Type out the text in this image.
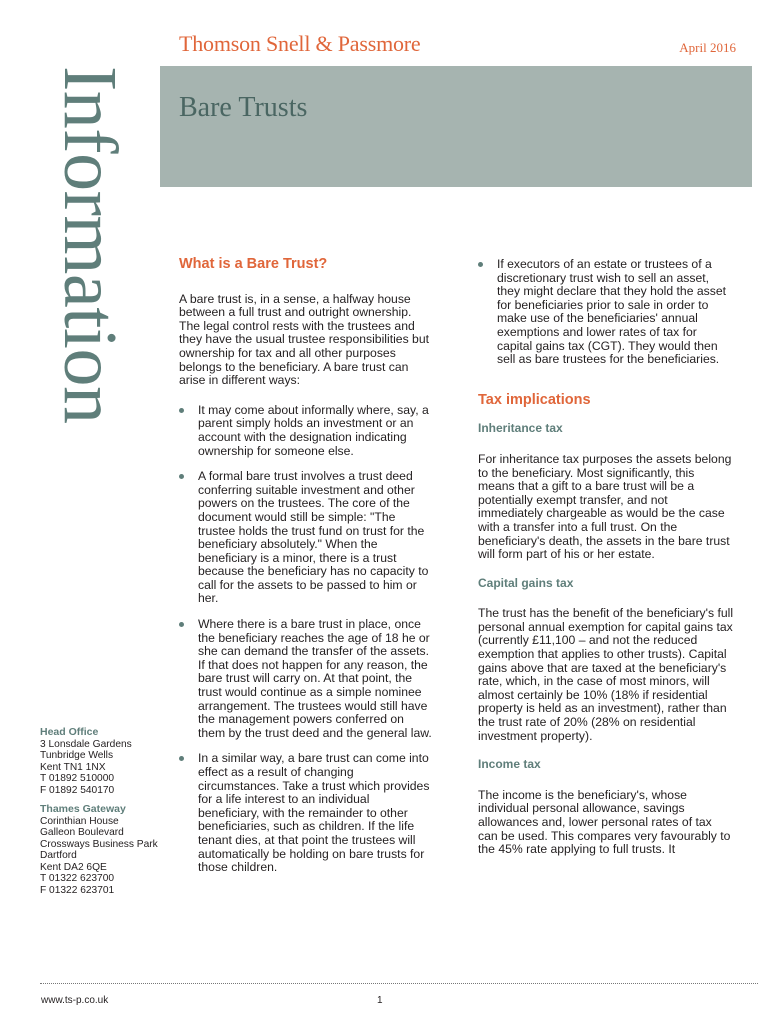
Thomson Snell & Passmore	April 2016
Information Bare Trusts
What is a Bare Trust?

A bare trust is, in a sense, a halfway house between a full trust and outright ownership. The legal control rests with the trustees and they have the usual trustee responsibilities but ownership for tax and all other purposes belongs to the beneficiary. A bare trust can arise in different ways:

It may come about informally where, say, a parent simply holds an investment or an account with the designation indicating ownership for someone else.
A formal bare trust involves a trust deed conferring suitable investment and other powers on the trustees. The core of the document would still be simple: "The trustee holds the trust fund on trust for the beneficiary absolutely." When the beneficiary is a minor, there is a trust because the beneficiary has no capacity to call for the assets to be passed to him or her.
Where there is a bare trust in place, once the beneficiary reaches the age of 18 he or she can demand the transfer of the assets. If that does not happen for any reason, the bare trust will carry on. At that point, the trust would continue as a simple nominee arrangement. The trustees would still have the management powers conferred on them by the trust deed and the general law.
In a similar way, a bare trust can come into effect as a result of changing circumstances. Take a trust which provides for a life interest to an individual beneficiary, with the remainder to other beneficiaries, such as children. If the life tenant dies, at that point the trustees will automatically be holding on bare trusts for those children.
If executors of an estate or trustees of a discretionary trust wish to sell an asset, they might declare that they hold the asset for beneficiaries prior to sale in order to make use of the beneficiaries' annual exemptions and lower rates of tax for capital gains tax (CGT). They would then sell as bare trustees for the beneficiaries.
Tax implications
Inheritance tax

For inheritance tax purposes the assets belong to the beneficiary. Most significantly, this means that a gift to a bare trust will be a potentially exempt transfer, and not immediately chargeable as would be the case with a transfer into a full trust. On the beneficiary's death, the assets in the bare trust will form part of his or her estate.

Capital gains tax

The trust has the benefit of the beneficiary's full personal annual exemption for capital gains tax (currently £11,100 – and not the reduced exemption that applies to other trusts). Capital gains above that are taxed at the beneficiary's rate, which, in the case of most minors, will almost certainly be 10% (18% if residential property is held as an investment), rather than the trust rate of 20% (28% on residential investment property).

Income tax

The income is the beneficiary's, whose individual personal allowance, savings allowances and, lower personal rates of tax can be used. This compares very favourably to the 45% rate applying to full trusts. It

Head Office
3 Lonsdale Gardens
Tunbridge Wells
Kent TN1 1NX
T 01892 510000
F 01892 540170
Thames Gateway
Corinthian House
Galleon Boulevard
Crossways Business Park
Dartford
Kent DA2 6QE
T 01322 623700
F 01322 623701
www.ts-p.co.uk	1
